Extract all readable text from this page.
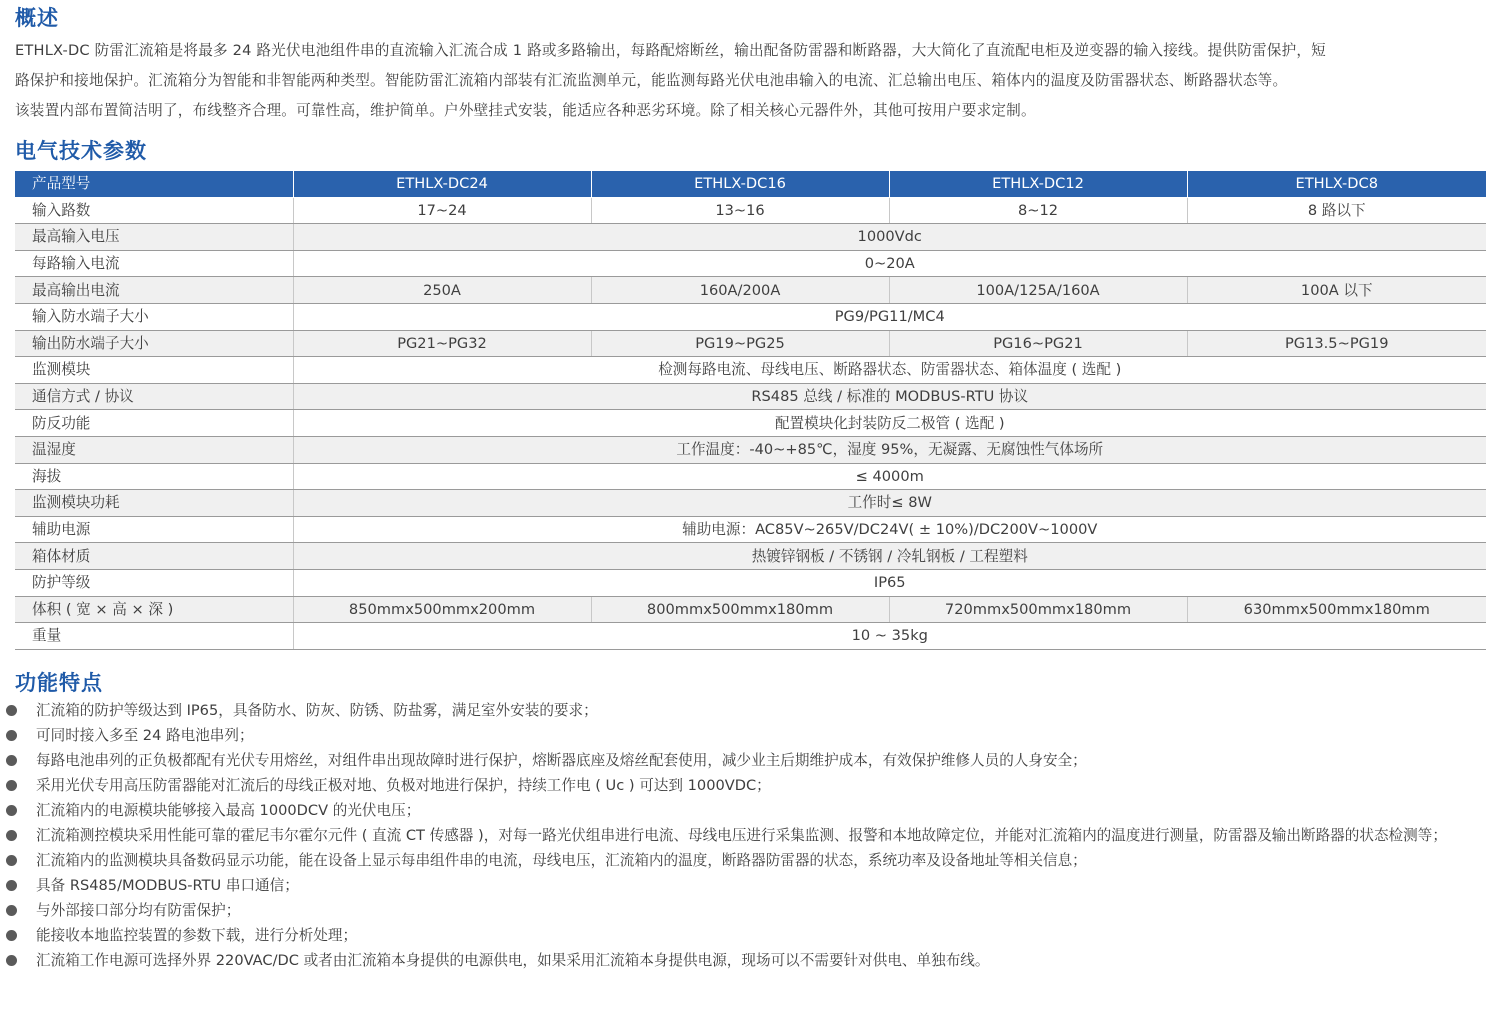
概述

ETHLX-DC 防雷汇流箱是将最多 24 路光伏电池组件串的直流输入汇流合成 1 路或多路输出，每路配熔断丝，输出配备防雷器和断路器，大大简化了直流配电柜及逆变器的输入接线。提供防雷保护，短

路保护和接地保护。汇流箱分为智能和非智能两种类型。智能防雷汇流箱内部装有汇流监测单元，能监测每路光伏电池串输入的电流、汇总输出电压、箱体内的温度及防雷器状态、断路器状态等。

该装置内部布置简洁明了，布线整齐合理。可靠性高，维护简单。户外壁挂式安装，能适应各种恶劣环境。除了相关核心元器件外，其他可按用户要求定制。

电气技术参数
产品型号	ETHLX-DC24	ETHLX-DC16	ETHLX-DC12	ETHLX-DC8
输入路数	17~24	13~16	8~12	8 路以下
最高输入电压	1000Vdc			
每路输入电流	0~20A			
最高输出电流	250A	160A/200A	100A/125A/160A	100A 以下
输入防水端子大小	PG9/PG11/MC4			
输出防水端子大小	PG21~PG32	PG19~PG25	PG16~PG21	PG13.5~PG19
监测模块	检测每路电流、母线电压、断路器状态、防雷器状态、箱体温度 ( 选配 )			
通信方式 / 协议	RS485 总线 / 标准的 MODBUS-RTU 协议			
防反功能	配置模块化封装防反二极管 ( 选配 )			
温湿度	工作温度：-40~+85℃，湿度 95%，无凝露、无腐蚀性气体场所			
海拔	≤ 4000m			
监测模块功耗	工作时≤ 8W			
辅助电源	辅助电源：AC85V~265V/DC24V( ± 10%)/DC200V~1000V			
箱体材质	热镀锌钢板 / 不锈钢 / 冷轧钢板 / 工程塑料			
防护等级	IP65			
体积 ( 宽 × 高 × 深 )	850mmx500mmx200mm	800mmx500mmx180mm	720mmx500mmx180mm	630mmx500mmx180mm
重量	10 ~ 35kg			
功能特点
汇流箱的防护等级达到 IP65，具备防水、防灰、防锈、防盐雾，满足室外安装的要求；
可同时接入多至 24 路电池串列；
每路电池串列的正负极都配有光伏专用熔丝，对组件串出现故障时进行保护，熔断器底座及熔丝配套使用，减少业主后期维护成本，有效保护维修人员的人身安全；
采用光伏专用高压防雷器能对汇流后的母线正极对地、负极对地进行保护，持续工作电 ( Uc ) 可达到 1000VDC；
汇流箱内的电源模块能够接入最高 1000DCV 的光伏电压；
汇流箱测控模块采用性能可靠的霍尼韦尔霍尔元件 ( 直流 CT 传感器 )，对每一路光伏组串进行电流、母线电压进行采集监测、报警和本地故障定位，并能对汇流箱内的温度进行测量，防雷器及输出断路器的状态检测等；
汇流箱内的监测模块具备数码显示功能，能在设备上显示每串组件串的电流，母线电压，汇流箱内的温度，断路器防雷器的状态，系统功率及设备地址等相关信息；
具备 RS485/MODBUS-RTU 串口通信；
与外部接口部分均有防雷保护；
能接收本地监控装置的参数下载，进行分析处理；
汇流箱工作电源可选择外界 220VAC/DC 或者由汇流箱本身提供的电源供电，如果采用汇流箱本身提供电源，现场可以不需要针对供电、单独布线。
